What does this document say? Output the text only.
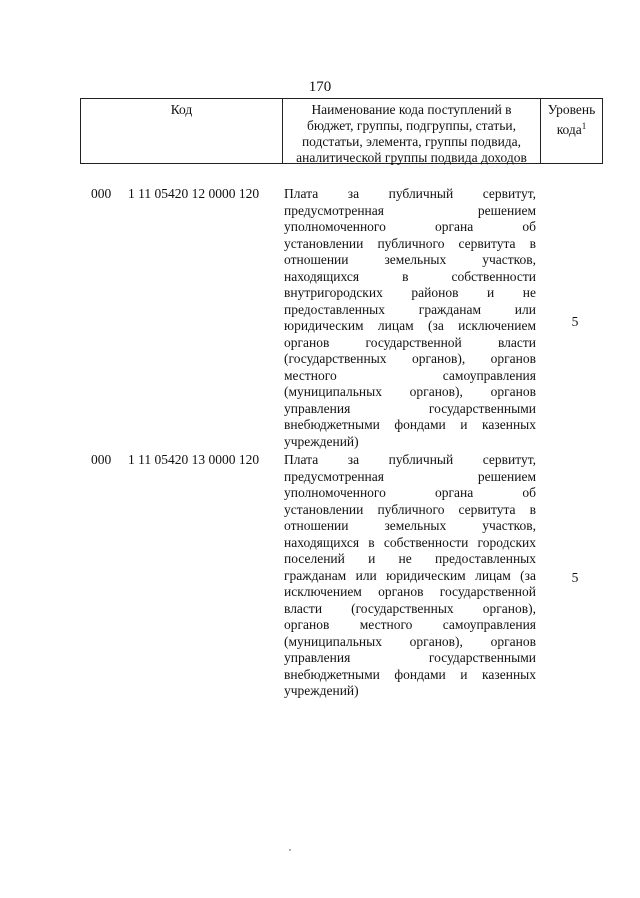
170
Код	Наименование кода поступлений в
бюджет, группы, подгруппы, статьи,
подстатьи, элемента, группы подвида,
аналитической группы подвида доходов
Уровень
кода$^1$
000 1 11 05420 12 0000 120 Плата за публичный сервитут,
предусмотренная решением
уполномоченного органа об
установлении публичного сервитута в
отношении земельных участков,
находящихся в собственности
внутригородских районов и не
предоставленных гражданам или
юридическим лицам (за исключением
органов государственной власти
(государственных органов), органов
местного самоуправления
(муниципальных органов), органов
управления государственными
внебюджетными фондами и казенных
учреждений)
5
000 1 11 05420 13 0000 120 Плата за публичный сервитут,
предусмотренная решением
уполномоченного органа об
установлении публичного сервитута в
отношении земельных участков,
находящихся в собственности городских
поселений и не предоставленных
гражданам или юридическим лицам (за
исключением органов государственной
власти (государственных органов),
органов местного самоуправления
(муниципальных органов), органов
управления государственными
внебюджетными фондами и казенных
учреждений)
5
